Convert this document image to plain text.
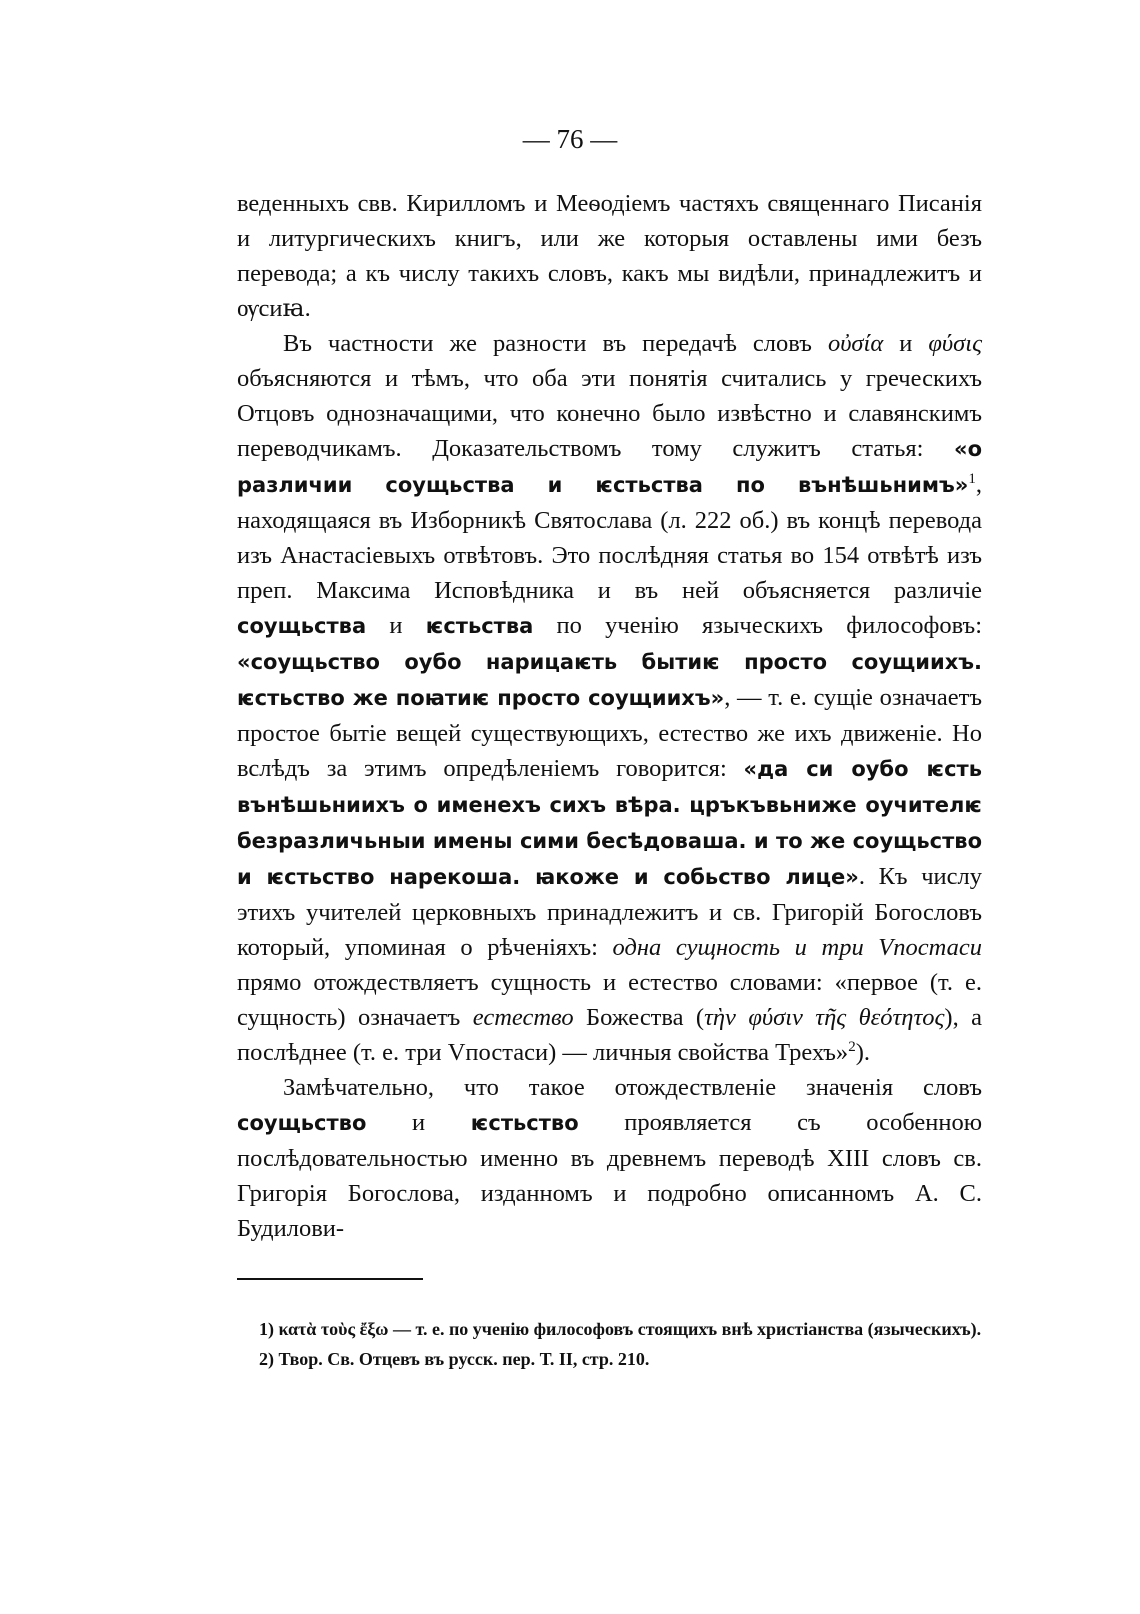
— 76 —

веденныхъ свв. Кирилломъ и Меѳодіемъ частяхъ священнаго Писанія и литургическихъ книгъ, или же которыя оставлены ими безъ перевода; а къ числу такихъ словъ, какъ мы видѣли, принадлежитъ и ѹсиꙗ.

Въ частности же разности въ передачѣ словъ οὐσία и φύσις объясняются и тѣмъ, что оба эти понятія считались у греческихъ Отцовъ однозначащими, что конечно было извѣстно и славянскимъ переводчикамъ. Доказательствомъ тому служитъ статья: «о различии соущьства и ѥстьства по вънѣшьнимъ»$^1$, находящаяся въ Изборникѣ Святослава (л. 222 об.) въ концѣ перевода изъ Анастасіевыхъ отвѣтовъ. Это послѣдняя статья во 154 отвѣтѣ изъ преп. Максима Исповѣдника и въ ней объясняется различіе соущьства и ѥстьства по ученію языческихъ философовъ: «соущьство оубо нарицаѥть бытиѥ просто соущиихъ. ѥстьство же поꙗтиѥ просто соущиихъ», — т. е. сущіе означаетъ простое бытіе вещей существующихъ, естество же ихъ движеніе. Но вслѣдъ за этимъ опредѣленіемъ говорится: «да си оубо ѥсть вънѣшьниихъ о именехъ сихъ вѣра. цръкъвьниже оучителѥ безразличьныи имены сими бесѣдоваша. и то же соущьство и ѥстьство нарекоша. ꙗкоже и собьство лице». Къ числу этихъ учителей церковныхъ принадлежитъ и св. Григорій Богословъ который, упоминая о рѣченіяхъ: одна сущность и три Vпостаси прямо отождествляетъ сущность и естество словами: «первое (т. е. сущность) означаетъ естество Божества (τὴν φύσιν τῆς θεότητος), а послѣднее (т. е. три Vпостаси) — личныя свойства Трехъ»$^2$).

Замѣчательно, что такое отождествленіе значенія словъ соущьство и ѥстьство проявляется съ особенною послѣдовательностью именно въ древнемъ переводѣ XIII словъ св. Григорія Богослова, изданномъ и подробно описанномъ А. С. Будилови-

1) κατὰ τοὺς ἔξω — т. е. по ученію философовъ стоящихъ внѣ христіанства (языческихъ).

2) Твор. Св. Отцевъ въ русск. пер. Т. II, стр. 210.
